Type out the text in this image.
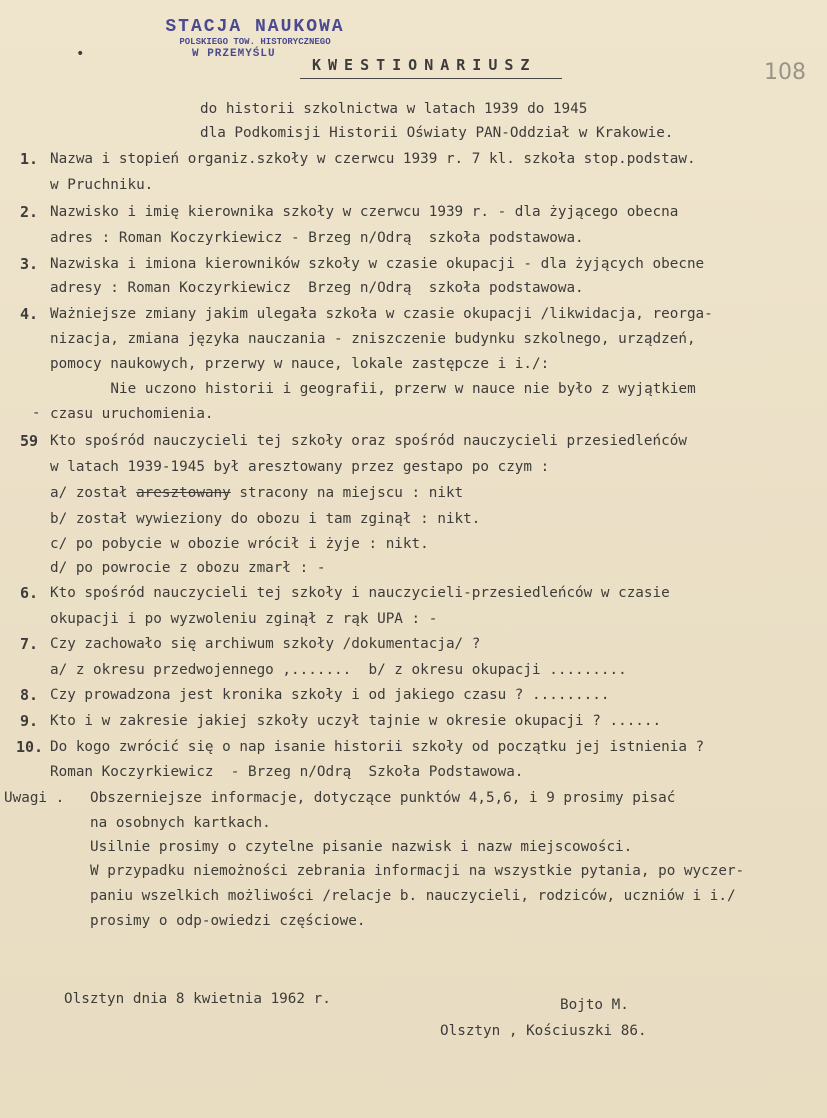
STACJA NAUKOWA
POLSKIEGO TOW. HISTORYCZNEGO
W PRZEMYŚLU
•
108
KWESTIONARIUSZ
do historii szkolnictwa w latach 1939 do 1945
dla Podkomisji Historii Oświaty PAN-Oddział w Krakowie.
1. Nazwa i stopień organiz.szkoły w czerwcu 1939 r. 7 kl. szkoła stop.podstaw.
w Pruchniku.
2. Nazwisko i imię kierownika szkoły w czerwcu 1939 r. - dla żyjącego obecna
adres : Roman Koczyrkiewicz - Brzeg n/Odrą  szkoła podstawowa.
3. Nazwiska i imiona kierowników szkoły w czasie okupacji - dla żyjących obecne
adresy : Roman Koczyrkiewicz  Brzeg n/Odrą  szkoła podstawowa.
4. Ważniejsze zmiany jakim ulegała szkoła w czasie okupacji /likwidacja, reorga-
nizacja, zmiana języka nauczania - zniszczenie budynku szkolnego, urządzeń,
pomocy naukowych, przerwy w nauce, lokale zastępcze i i./:
Nie uczono historii i geografii, przerw w nauce nie było z wyjątkiem
- czasu uruchomienia.
59 Kto spośród nauczycieli tej szkoły oraz spośród nauczycieli przesiedleńców
w latach 1939-1945 był aresztowany przez gestapo po czym :
a/ został aresztowany stracony na miejscu : nikt
b/ został wywieziony do obozu i tam zginął : nikt.
c/ po pobycie w obozie wrócił i żyje : nikt.
d/ po powrocie z obozu zmarł : -
6. Kto spośród nauczycieli tej szkoły i nauczycieli-przesiedleńców w czasie
okupacji i po wyzwoleniu zginął z rąk UPA : -
7. Czy zachowało się archiwum szkoły /dokumentacja/ ?
a/ z okresu przedwojennego ,.......  b/ z okresu okupacji .........
8. Czy prowadzona jest kronika szkoły i od jakiego czasu ? .........
9. Kto i w zakresie jakiej szkoły uczył tajnie w okresie okupacji ? ......
10. Do kogo zwrócić się o nap isanie historii szkoły od początku jej istnienia ?
Roman Koczyrkiewicz  - Brzeg n/Odrą  Szkoła Podstawowa.
Uwagi . Obszerniejsze informacje, dotyczące punktów 4,5,6, i 9 prosimy pisać
na osobnych kartkach.
Usilnie prosimy o czytelne pisanie nazwisk i nazw miejscowości.
W przypadku niemożności zebrania informacji na wszystkie pytania, po wyczer-
paniu wszelkich możliwości /relacje b. nauczycieli, rodziców, uczniów i i./
prosimy o odp-owiedzi częściowe.
Olsztyn dnia 8 kwietnia 1962 r.	Bojto M.
Olsztyn , Kościuszki 86.
